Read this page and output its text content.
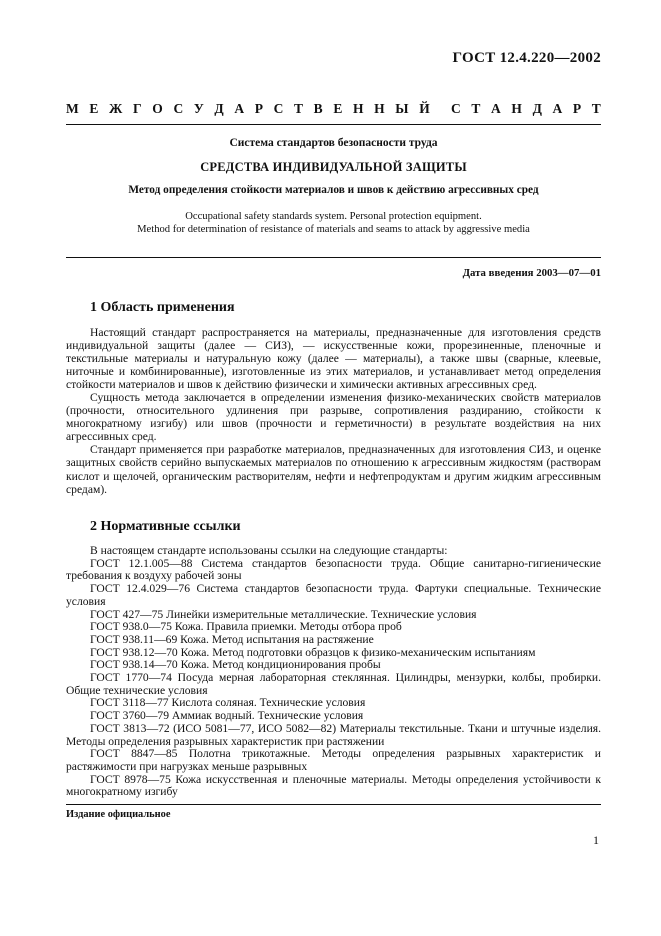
ГОСТ 12.4.220—2002
М Е Ж Г О С У Д А Р С Т В Е Н Н Ы Й С Т А Н Д А Р Т
Система стандартов безопасности труда
СРЕДСТВА ИНДИВИДУАЛЬНОЙ ЗАЩИТЫ
Метод определения стойкости материалов и швов к действию агрессивных сред
Occupational safety standards system. Personal protection equipment.
Method for determination of resistance of materials and seams to attack by aggressive media
Дата введения 2003—07—01
1 Область применения

Настоящий стандарт распространяется на материалы, предназначенные для изготовления средств индивидуальной защиты (далее — СИЗ), — искусственные кожи, прорезиненные, пленочные и текстильные материалы и натуральную кожу (далее — материалы), а также швы (сварные, клеевые, ниточные и комбинированные), изготовленные из этих материалов, и устанавливает метод определения стойкости материалов и швов к действию физически и химически активных агрессивных сред.

Сущность метода заключается в определении изменения физико-механических свойств материалов (прочности, относительного удлинения при разрыве, сопротивления раздиранию, стойкости к многократному изгибу) или швов (прочности и герметичности) в результате воздействия на них агрессивных сред.

Стандарт применяется при разработке материалов, предназначенных для изготовления СИЗ, и оценке защитных свойств серийно выпускаемых материалов по отношению к агрессивным жидкостям (растворам кислот и щелочей, органическим растворителям, нефти и нефтепродуктам и другим жидким агрессивным средам).

2 Нормативные ссылки

В настоящем стандарте использованы ссылки на следующие стандарты:

ГОСТ 12.1.005—88 Система стандартов безопасности труда. Общие санитарно-гигиенические требования к воздуху рабочей зоны

ГОСТ 12.4.029—76 Система стандартов безопасности труда. Фартуки специальные. Технические условия

ГОСТ 427—75 Линейки измерительные металлические. Технические условия

ГОСТ 938.0—75 Кожа. Правила приемки. Методы отбора проб

ГОСТ 938.11—69 Кожа. Метод испытания на растяжение

ГОСТ 938.12—70 Кожа. Метод подготовки образцов к физико-механическим испытаниям

ГОСТ 938.14—70 Кожа. Метод кондиционирования пробы

ГОСТ 1770—74 Посуда мерная лабораторная стеклянная. Цилиндры, мензурки, колбы, пробирки. Общие технические условия

ГОСТ 3118—77 Кислота соляная. Технические условия

ГОСТ 3760—79 Аммиак водный. Технические условия

ГОСТ 3813—72 (ИСО 5081—77, ИСО 5082—82) Материалы текстильные. Ткани и штучные изделия. Методы определения разрывных характеристик при растяжении

ГОСТ 8847—85 Полотна трикотажные. Методы определения разрывных характеристик и растяжимости при нагрузках меньше разрывных

ГОСТ 8978—75 Кожа искусственная и пленочные материалы. Методы определения устойчивости к многократному изгибу

Издание официальное
1
